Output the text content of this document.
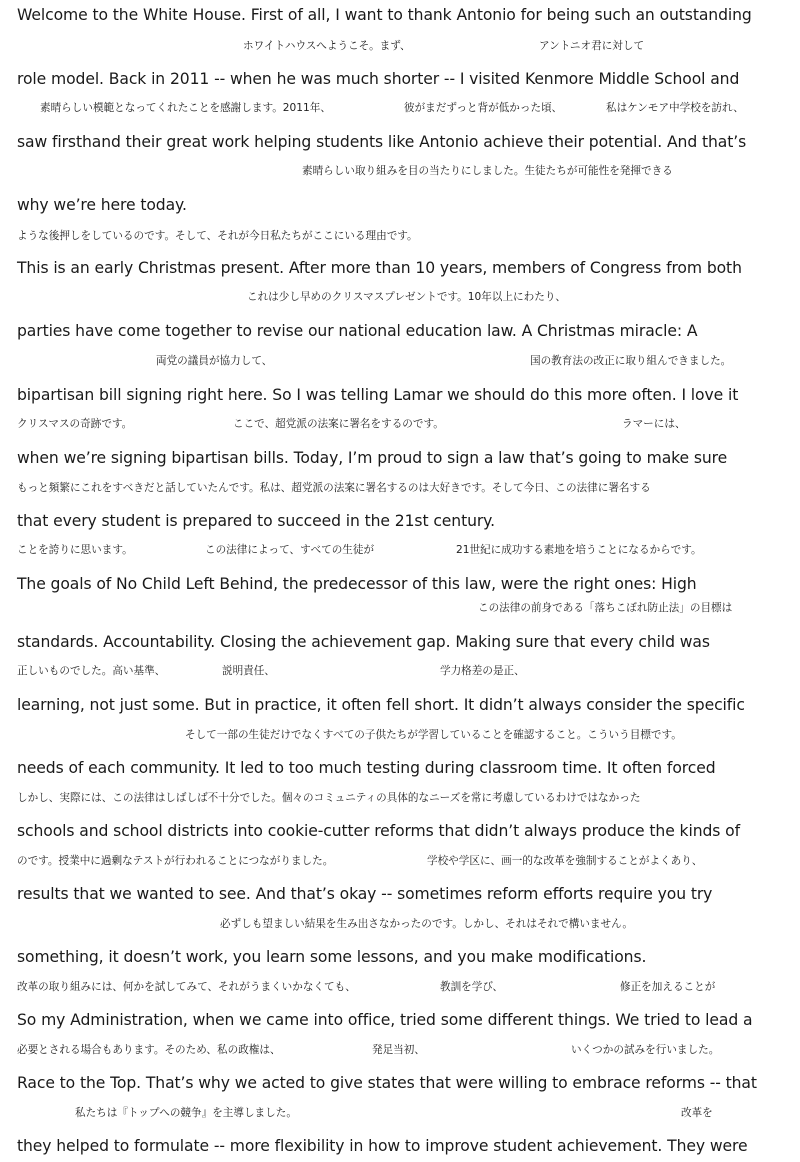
Welcome to the White House. First of all, I want to thank Antonio for being such an outstanding
ホワイトハウスへようこそ。まず、	アントニオ君に対して
role model. Back in 2011 -- when he was much shorter -- I visited Kenmore Middle School and
素晴らしい模範となってくれたことを感謝します。2011年、	彼がまだずっと背が低かった頃、	私はケンモア中学校を訪れ、
saw firsthand their great work helping students like Antonio achieve their potential. And that’s
素晴らしい取り組みを目の当たりにしました。生徒たちが可能性を発揮できる
why we’re here today.
ような後押しをしているのです。そして、それが今日私たちがここにいる理由です。
This is an early Christmas present. After more than 10 years, members of Congress from both
これは少し早めのクリスマスプレゼントです。10年以上にわたり、
parties have come together to revise our national education law. A Christmas miracle: A
両党の議員が協力して、	国の教育法の改正に取り組んできました。
bipartisan bill signing right here. So I was telling Lamar we should do this more often. I love it
クリスマスの奇跡です。	ここで、超党派の法案に署名をするのです。	ラマーには、
when we’re signing bipartisan bills. Today, I’m proud to sign a law that’s going to make sure
もっと頻繁にこれをすべきだと話していたんです。私は、超党派の法案に署名するのは大好きです。そして今日、この法律に署名する
that every student is prepared to succeed in the 21st century.
ことを誇りに思います。	この法律によって、すべての生徒が	21世紀に成功する素地を培うことになるからです。
The goals of No Child Left Behind, the predecessor of this law, were the right ones: High
この法律の前身である「落ちこぼれ防止法」の目標は
standards. Accountability. Closing the achievement gap. Making sure that every child was
正しいものでした。高い基準、	説明責任、	学力格差の是正、
learning, not just some. But in practice, it often fell short. It didn’t always consider the specific
そして一部の生徒だけでなくすべての子供たちが学習していることを確認すること。こういう目標です。
needs of each community. It led to too much testing during classroom time. It often forced
しかし、実際には、この法律はしばしば不十分でした。個々のコミュニティの具体的なニーズを常に考慮しているわけではなかった
schools and school districts into cookie-cutter reforms that didn’t always produce the kinds of
のです。授業中に過剰なテストが行われることにつながりました。	学校や学区に、画一的な改革を強制することがよくあり、
results that we wanted to see. And that’s okay -- sometimes reform efforts require you try
必ずしも望ましい結果を生み出さなかったのです。しかし、それはそれで構いません。
something, it doesn’t work, you learn some lessons, and you make modifications.
改革の取り組みには、何かを試してみて、それがうまくいかなくても、	教訓を学び、	修正を加えることが
So my Administration, when we came into office, tried some different things. We tried to lead a
必要とされる場合もあります。そのため、私の政権は、	発足当初、	いくつかの試みを行いました。
Race to the Top. That’s why we acted to give states that were willing to embrace reforms -- that
私たちは『トップへの競争』を主導しました。	改革を
they helped to formulate -- more flexibility in how to improve student achievement. They were
